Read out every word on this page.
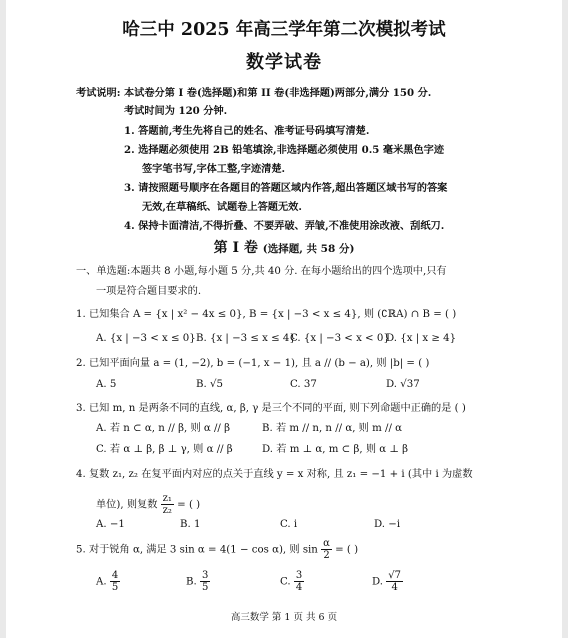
哈三中 2025 年高三学年第二次模拟考试
数学试卷
考试说明: 本试卷分第 I 卷(选择题)和第 II 卷(非选择题)两部分,满分 150 分.
考试时间为 120 分钟.
1. 答题前,考生先将自己的姓名、准考证号码填写清楚.
2. 选择题必须使用 2B 铅笔填涂,非选择题必须使用 0.5 毫米黑色字迹
签字笔书写,字体工整,字迹清楚.
3. 请按照题号顺序在各题目的答题区域内作答,超出答题区域书写的答案
无效,在草稿纸、试题卷上答题无效.
4. 保持卡面清洁,不得折叠、不要弄破、弄皱,不准使用涂改液、刮纸刀.
第 I 卷 (选择题, 共 58 分)
一、单选题:本题共 8 小题,每小题 5 分,共 40 分. 在每小题给出的四个选项中,只有
一项是符合题目要求的.
1. 已知集合 A = {x | x² − 4x ≤ 0}, B = {x | −3 < x ≤ 4}, 则 (∁ℝA) ∩ B = ( )
A. {x | −3 < x ≤ 0} B. {x | −3 ≤ x ≤ 4}
C. {x | −3 < x < 0}
D. {x | x ≥ 4}
2. 已知平面向量 a = (1, −2), b = (−1, x − 1), 且 a // (b − a), 则 |b| = ( )
A. 5	B. √5	C. 37	D. √37
3. 已知 m, n 是两条不同的直线, α, β, γ 是三个不同的平面, 则下列命题中正确的是 ( )
A. 若 n ⊂ α, n // β, 则 α // β	B. 若 m // n, n // α, 则 m // α
C. 若 α ⊥ β, β ⊥ γ, 则 α // β	D. 若 m ⊥ α, m ⊂ β, 则 α ⊥ β
4. 复数 z₁, z₂ 在复平面内对应的点关于直线 y = x 对称, 且 z₁ = −1 + i (其中 i 为虚数
单位), 则复数 $\frac{\text{z₁}}{\text{z₂}}$ = ( )
A. −1	B. 1	C. i	D. −i
5. 对于锐角 α, 满足 3 sin α = 4(1 − cos α), 则 $\sin \frac{\alpha}{2}$ = ( )
A. $\frac{4}{5}$	B. $\frac{3}{5}$	C. $\frac{3}{4}$	D. $\frac{√7}{4}$
高三数学 第 1 页 共 6 页
